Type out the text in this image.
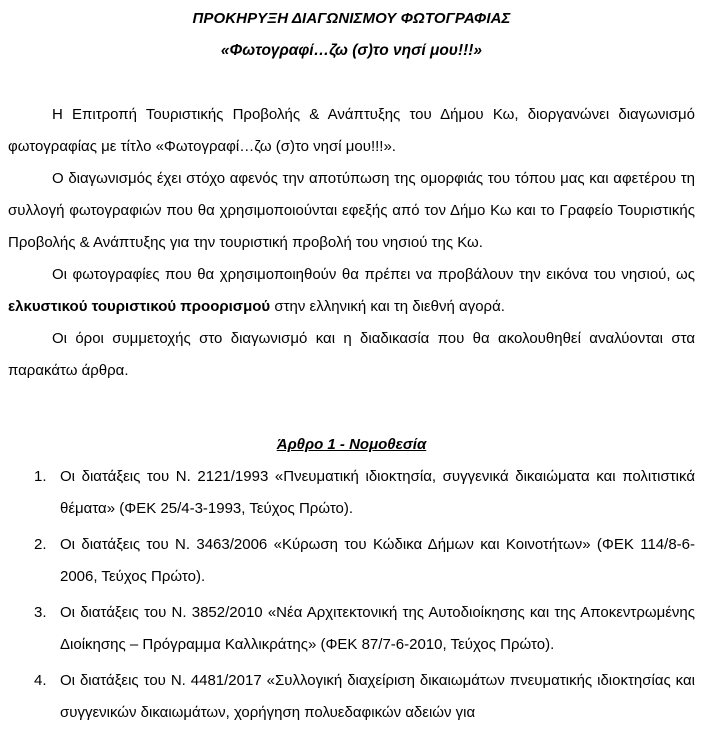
ΠΡΟΚΗΡΥΞΗ ΔΙΑΓΩΝΙΣΜΟΥ ΦΩΤΟΓΡΑΦΙΑΣ

«Φωτογραφί…ζω (σ)το νησί μου!!!»

Η Επιτροπή Τουριστικής Προβολής & Ανάπτυξης του Δήμου Κω, διοργανώνει διαγωνισμό φωτογραφίας με τίτλο «Φωτογραφί…ζω (σ)το νησί μου!!!».

Ο διαγωνισμός έχει στόχο αφενός την αποτύπωση της ομορφιάς του τόπου μας και αφετέρου τη συλλογή φωτογραφιών που θα χρησιμοποιούνται εφεξής από τον Δήμο Κω και το Γραφείο Τουριστικής Προβολής & Ανάπτυξης για την τουριστική προβολή του νησιού της Κω.

Οι φωτογραφίες που θα χρησιμοποιηθούν θα πρέπει να προβάλουν την εικόνα του νησιού, ως ελκυστικού τουριστικού προορισμού στην ελληνική και τη διεθνή αγορά.

Οι όροι συμμετοχής στο διαγωνισμό και η διαδικασία που θα ακολουθηθεί αναλύονται στα παρακάτω άρθρα.

Άρθρο 1 - Νομοθεσία

1. Οι διατάξεις του Ν. 2121/1993 «Πνευματική ιδιοκτησία, συγγενικά δικαιώματα και πολιτιστικά θέματα» (ΦΕΚ 25/4-3-1993, Τεύχος Πρώτο).
2. Οι διατάξεις του Ν. 3463/2006 «Κύρωση του Κώδικα Δήμων και Κοινοτήτων» (ΦΕΚ 114/8-6-2006, Τεύχος Πρώτο).
3. Οι διατάξεις του Ν. 3852/2010 «Νέα Αρχιτεκτονική της Αυτοδιοίκησης και της Αποκεντρωμένης Διοίκησης – Πρόγραμμα Καλλικράτης» (ΦΕΚ 87/7-6-2010, Τεύχος Πρώτο).
4. Οι διατάξεις του Ν. 4481/2017 «Συλλογική διαχείριση δικαιωμάτων πνευματικής ιδιοκτησίας και συγγενικών δικαιωμάτων, χορήγηση πολυεδαφικών αδειών για
